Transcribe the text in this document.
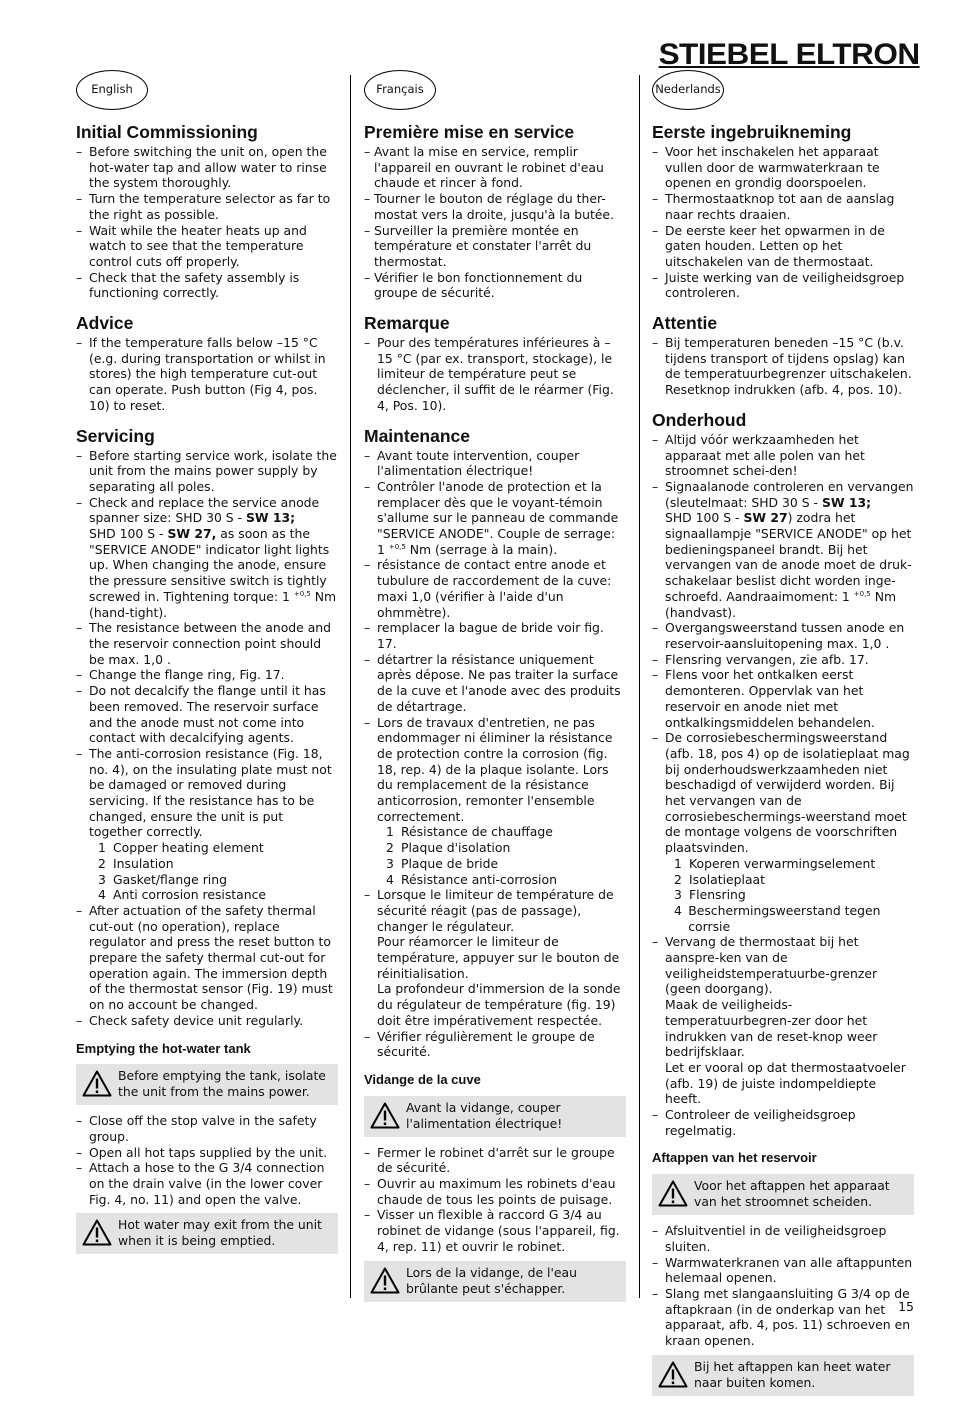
STIEBEL ELTRON
English
Initial Commissioning
– Before switching the unit on, open the hot-water tap and allow water to rinse the system thoroughly.
– Turn the temperature selector as far to the right as possible.
– Wait while the heater heats up and watch to see that the temperature control cuts off properly.
– Check that the safety assembly is functioning correctly.
Advice
– If the temperature falls below –15 °C (e.g. during transportation or whilst in stores) the high temperature cut-out can operate. Push button (Fig 4, pos. 10) to reset.
Servicing
– Before starting service work, isolate the unit from the mains power supply by separating all poles.
– Check and replace the service anode spanner size: SHD 30 S - SW 13;
SHD 100 S - SW 27, as soon as the "SERVICE ANODE" indicator light lights up. When changing the anode, ensure the pressure sensitive switch is tightly screwed in. Tightening torque: 1 $^{+0,5}$ Nm (hand-tight).
– The resistance between the anode and the reservoir connection point should be max. 1,0 .
– Change the flange ring, Fig. 17.
– Do not decalcify the flange until it has been removed. The reservoir surface and the anode must not come into contact with decalcifying agents.
– The anti-corrosion resistance (Fig. 18, no. 4), on the insulating plate must not be damaged or removed during servicing. If the resistance has to be changed, ensure the unit is put together correctly.
1 Copper heating element
2 Insulation
3 Gasket/flange ring
4 Anti corrosion resistance
– After actuation of the safety thermal cut-out (no operation), replace regulator and press the reset button to prepare the safety thermal cut-out for operation again. The immersion depth of the thermostat sensor (Fig. 19) must on no account be changed.
– Check safety device unit regularly.
Emptying the hot-water tank
Before emptying the tank, isolate the unit from the mains power.
– Close off the stop valve in the safety group.
– Open all hot taps supplied by the unit.
– Attach a hose to the G 3/4 connection on the drain valve (in the lower cover Fig. 4, no. 11) and open the valve.
Hot water may exit from the unit when it is being emptied.
Français
Première mise en service
– Avant la mise en service, remplir l'appareil en ouvrant le robinet d'eau chaude et rincer à fond.
– Tourner le bouton de réglage du ther-mostat vers la droite, jusqu'à la butée.
– Surveiller la première montée en température et constater l'arrêt du thermostat.
– Vérifier le bon fonctionnement du groupe de sécurité.
Remarque
– Pour des températures inférieures à –15 °C (par ex. transport, stockage), le limiteur de température peut se déclencher, il suffit de le réarmer (Fig. 4, Pos. 10).
Maintenance
– Avant toute intervention, couper l'alimentation électrique!
– Contrôler l'anode de protection et la remplacer dès que le voyant-témoin s'allume sur le panneau de commande "SERVICE ANODE". Couple de serrage: 1 $^{+0,5}$ Nm (serrage à la main).
– résistance de contact entre anode et tubulure de raccordement de la cuve: maxi 1,0 (vérifier à l'aide d'un ohmmètre).
– remplacer la bague de bride voir fig. 17.
– détartrer la résistance uniquement après dépose. Ne pas traiter la surface de la cuve et l'anode avec des produits de détartrage.
– Lors de travaux d'entretien, ne pas endommager ni éliminer la résistance de protection contre la corrosion (fig. 18, rep. 4) de la plaque isolante. Lors du remplacement de la résistance anticorrosion, remonter l'ensemble correctement.
1 Résistance de chauffage
2 Plaque d'isolation
3 Plaque de bride
4 Résistance anti-corrosion
– Lorsque le limiteur de température de sécurité réagit (pas de passage), changer le régulateur.
Pour réamorcer le limiteur de température, appuyer sur le bouton de réinitialisation.
La profondeur d'immersion de la sonde du régulateur de température (fig. 19) doit être impérativement respectée.
– Vérifier régulièrement le groupe de sécurité.
Vidange de la cuve
Avant la vidange, couper l'alimentation électrique!
– Fermer le robinet d'arrêt sur le groupe de sécurité.
– Ouvrir au maximum les robinets d'eau chaude de tous les points de puisage.
– Visser un flexible à raccord G 3/4 au robinet de vidange (sous l'appareil, fig. 4, rep. 11) et ouvrir le robinet.
Lors de la vidange, de l'eau brûlante peut s'échapper.
Nederlands
Eerste ingebruikneming
– Voor het inschakelen het apparaat vullen door de warmwaterkraan te openen en grondig doorspoelen.
– Thermostaatknop tot aan de aanslag naar rechts draaien.
– De eerste keer het opwarmen in de gaten houden. Letten op het uitschakelen van de thermostaat.
– Juiste werking van de veiligheidsgroep controleren.
Attentie
– Bij temperaturen beneden –15 °C (b.v. tijdens transport of tijdens opslag) kan de temperatuurbegrenzer uitschakelen. Resetknop indrukken (afb. 4, pos. 10).
Onderhoud
– Altijd vóór werkzaamheden het apparaat met alle polen van het stroomnet schei-den!
– Signaalanode controleren en vervangen (sleutelmaat: SHD 30 S - SW 13;
SHD 100 S - SW 27) zodra het signaallampje "SERVICE ANODE" op het bedieningspaneel brandt. Bij het vervangen van de anode moet de druk- schakelaar beslist dicht worden inge-schroefd. Aandraaimoment: 1 $^{+0,5}$ Nm (handvast).
– Overgangsweerstand tussen anode en reservoir-aansluitopening max. 1,0 .
– Flensring vervangen, zie afb. 17.
– Flens voor het ontkalken eerst demonteren. Oppervlak van het reservoir en anode niet met ontkalkingsmiddelen behandelen.
– De corrosiebeschermingsweerstand (afb. 18, pos 4) op de isolatieplaat mag bij onderhoudswerkzaamheden niet beschadigd of verwijderd worden. Bij het vervangen van de corrosiebeschermings-weerstand moet de montage volgens de voorschriften plaatsvinden.
1 Koperen verwarmingselement
2 Isolatieplaat
3 Flensring
4 Beschermingsweerstand tegen corrsie
– Vervang de thermostaat bij het aanspre-ken van de veiligheidstemperatuurbe-grenzer (geen doorgang).
Maak de veiligheids-temperatuurbegren-zer door het indrukken van de reset-knop weer bedrijfsklaar.
Let er vooral op dat thermostaatvoeler (afb. 19) de juiste indompeldiepte heeft.
– Controleer de veiligheidsgroep regelmatig.
Aftappen van het reservoir
Voor het aftappen het apparaat van het stroomnet scheiden.
– Afsluitventiel in de veiligheidsgroep sluiten.
– Warmwaterkranen van alle aftappunten helemaal openen.
– Slang met slangaansluiting G 3/4 op de aftapkraan (in de onderkap van het apparaat, afb. 4, pos. 11) schroeven en kraan openen.
Bij het aftappen kan heet water naar buiten komen.
15
